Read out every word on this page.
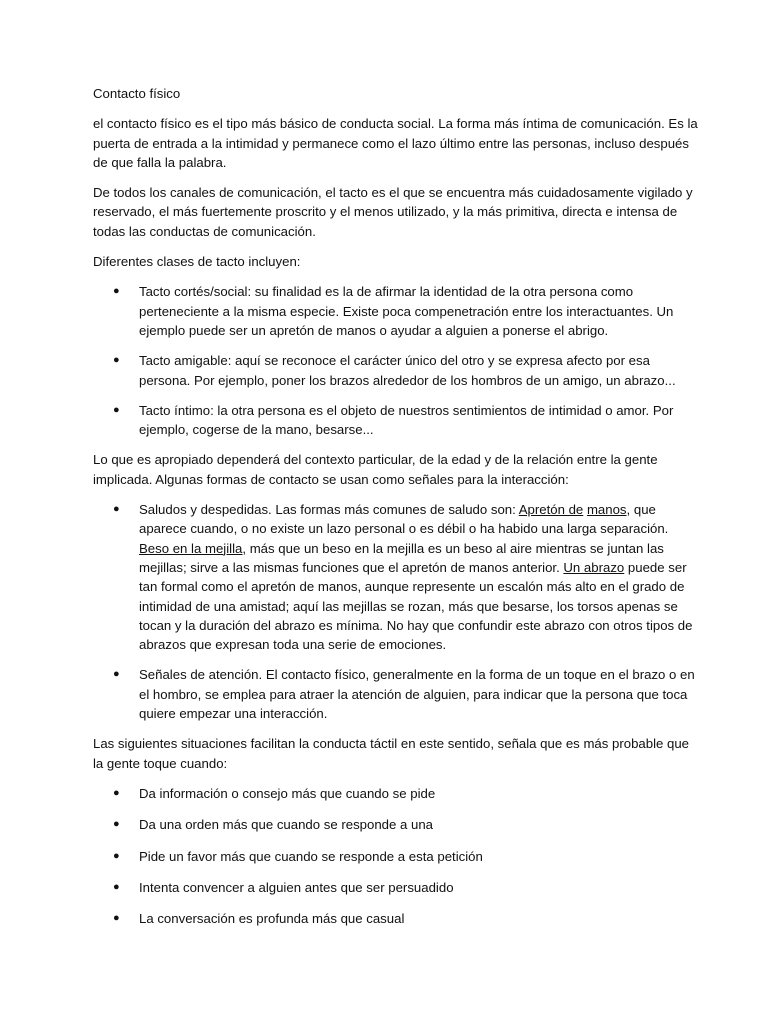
Contacto físico

el contacto físico es el tipo más básico de conducta social. La forma más íntima de comunicación. Es la puerta de entrada a la intimidad y permanece como el lazo último entre las personas, incluso después de que falla la palabra.

De todos los canales de comunicación, el tacto es el que se encuentra más cuidadosamente vigilado y reservado, el más fuertemente proscrito y el menos utilizado, y la más primitiva, directa e intensa de todas las conductas de comunicación.

Diferentes clases de tacto incluyen:

● Tacto cortés/social: su finalidad es la de afirmar la identidad de la otra persona como perteneciente a la misma especie. Existe poca compenetración entre los interactuantes. Un ejemplo puede ser un apretón de manos o ayudar a alguien a ponerse el abrigo.
● Tacto amigable: aquí se reconoce el carácter único del otro y se expresa afecto por esa persona. Por ejemplo, poner los brazos alrededor de los hombros de un amigo, un abrazo...
● Tacto íntimo: la otra persona es el objeto de nuestros sentimientos de intimidad o amor. Por ejemplo, cogerse de la mano, besarse...

Lo que es apropiado dependerá del contexto particular, de la edad y de la relación entre la gente implicada. Algunas formas de contacto se usan como señales para la interacción:

● Saludos y despedidas. Las formas más comunes de saludo son: Apretón de manos, que aparece cuando, o no existe un lazo personal o es débil o ha habido una larga separación. Beso en la mejilla, más que un beso en la mejilla es un beso al aire mientras se juntan las mejillas; sirve a las mismas funciones que el apretón de manos anterior. Un abrazo puede ser tan formal como el apretón de manos, aunque represente un escalón más alto en el grado de intimidad de una amistad; aquí las mejillas se rozan, más que besarse, los torsos apenas se tocan y la duración del abrazo es mínima. No hay que confundir este abrazo con otros tipos de abrazos que expresan toda una serie de emociones.
● Señales de atención. El contacto físico, generalmente en la forma de un toque en el brazo o en el hombro, se emplea para atraer la atención de alguien, para indicar que la persona que toca quiere empezar una interacción.

Las siguientes situaciones facilitan la conducta táctil en este sentido, señala que es más probable que la gente toque cuando:

● Da información o consejo más que cuando se pide
● Da una orden más que cuando se responde a una
● Pide un favor más que cuando se responde a esta petición
● Intenta convencer a alguien antes que ser persuadido
● La conversación es profunda más que casual
